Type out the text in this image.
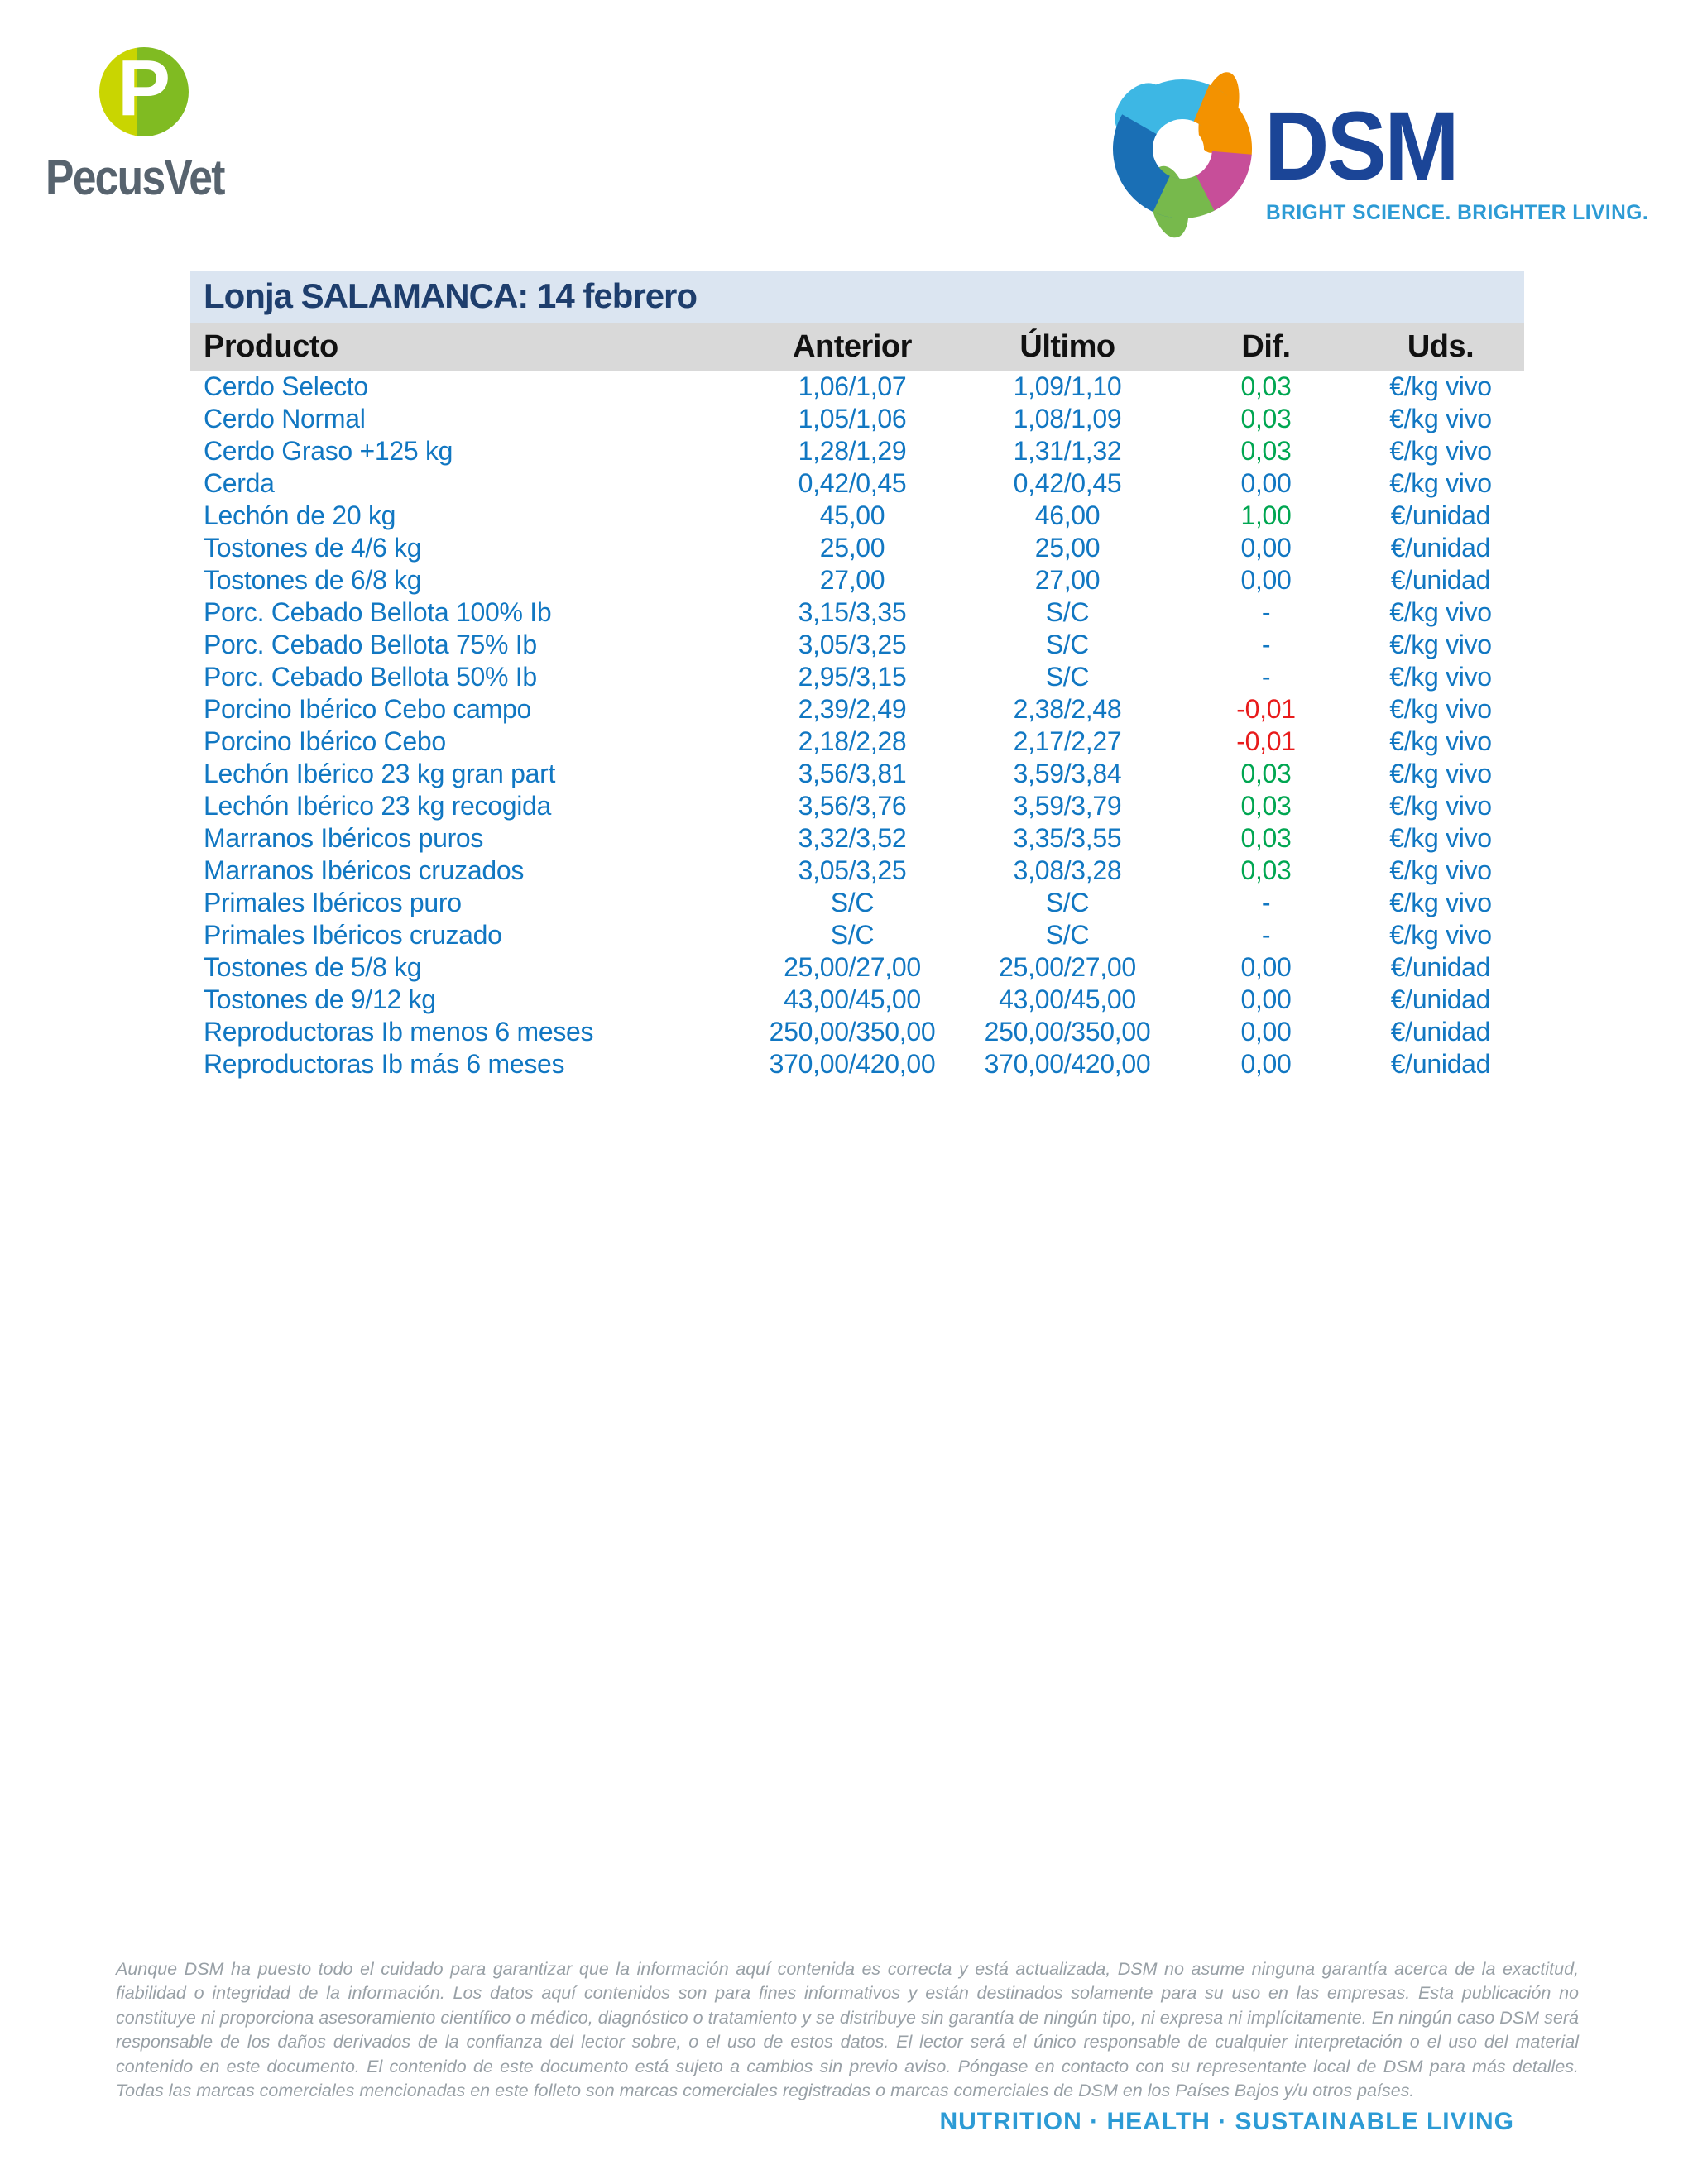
P
PecusVet	DSM
BRIGHT SCIENCE. BRIGHTER LIVING.
Lonja SALAMANCA: 14 febrero
Producto	Anterior	Último	Dif.	Uds.
Cerdo Selecto	1,06/1,07	1,09/1,10	0,03	€/kg vivo
Cerdo Normal	1,05/1,06	1,08/1,09	0,03	€/kg vivo
Cerdo Graso +125 kg	1,28/1,29	1,31/1,32	0,03	€/kg vivo
Cerda	0,42/0,45	0,42/0,45	0,00	€/kg vivo
Lechón de 20 kg	45,00	46,00	1,00	€/unidad
Tostones de 4/6 kg	25,00	25,00	0,00	€/unidad
Tostones de 6/8 kg	27,00	27,00	0,00	€/unidad
Porc. Cebado Bellota 100% Ib	3,15/3,35	S/C	-	€/kg vivo
Porc. Cebado Bellota 75% Ib	3,05/3,25	S/C	-	€/kg vivo
Porc. Cebado Bellota 50% Ib	2,95/3,15	S/C	-	€/kg vivo
Porcino Ibérico Cebo campo	2,39/2,49	2,38/2,48	-0,01	€/kg vivo
Porcino Ibérico Cebo	2,18/2,28	2,17/2,27	-0,01	€/kg vivo
Lechón Ibérico 23 kg gran part	3,56/3,81	3,59/3,84	0,03	€/kg vivo
Lechón Ibérico 23 kg recogida	3,56/3,76	3,59/3,79	0,03	€/kg vivo
Marranos Ibéricos puros	3,32/3,52	3,35/3,55	0,03	€/kg vivo
Marranos Ibéricos cruzados	3,05/3,25	3,08/3,28	0,03	€/kg vivo
Primales Ibéricos puro	S/C	S/C	-	€/kg vivo
Primales Ibéricos cruzado	S/C	S/C	-	€/kg vivo
Tostones de 5/8 kg	25,00/27,00	25,00/27,00	0,00	€/unidad
Tostones de 9/12 kg	43,00/45,00	43,00/45,00	0,00	€/unidad
Reproductoras Ib menos 6 meses	250,00/350,00	250,00/350,00	0,00	€/unidad
Reproductoras Ib más 6 meses	370,00/420,00	370,00/420,00	0,00	€/unidad

Aunque DSM ha puesto todo el cuidado para garantizar que la información aquí contenida es correcta y está actualizada, DSM no asume ninguna garantía acerca de la exactitud, fiabilidad o integridad de la información. Los datos aquí contenidos son para fines informativos y están destinados solamente para su uso en las empresas. Esta publicación no constituye ni proporciona asesoramiento científico o médico, diagnóstico o tratamiento y se distribuye sin garantía de ningún tipo, ni expresa ni implícitamente. En ningún caso DSM será responsable de los daños derivados de la confianza del lector sobre, o el uso de estos datos. El lector será el único responsable de cualquier interpretación o el uso del material contenido en este documento. El contenido de este documento está sujeto a cambios sin previo aviso. Póngase en contacto con su representante local de DSM para más detalles. Todas las marcas comerciales mencionadas en este folleto son marcas comerciales registradas o marcas comerciales de DSM en los Países Bajos y/u otros países.

NUTRITION · HEALTH · SUSTAINABLE LIVING
